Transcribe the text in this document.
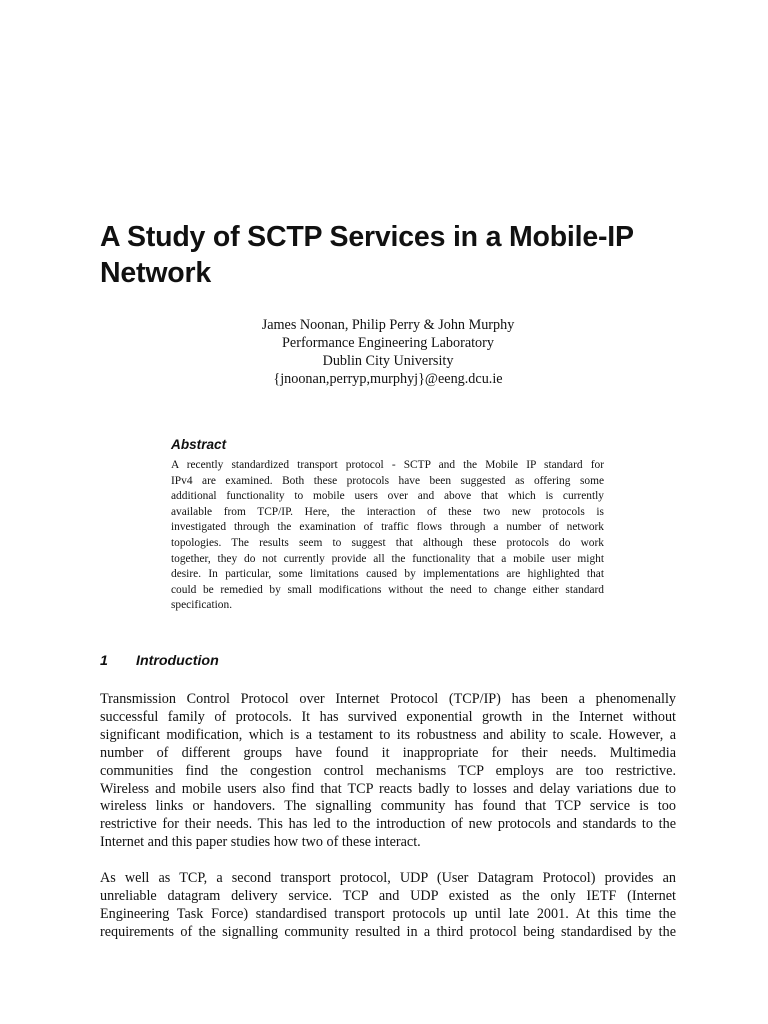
A Study of SCTP Services in a Mobile-IP
Network
James Noonan, Philip Perry & John Murphy
Performance Engineering Laboratory
Dublin City University
{jnoonan,perryp,murphyj}@eeng.dcu.ie
Abstract

A recently standardized transport protocol - SCTP and the Mobile IP standard for
IPv4 are examined. Both these protocols have been suggested as offering some
additional functionality to mobile users over and above that which is currently
available from TCP/IP. Here, the interaction of these two new protocols is
investigated through the examination of traffic flows through a number of network
topologies. The results seem to suggest that although these protocols do work
together, they do not currently provide all the functionality that a mobile user might
desire. In particular, some limitations caused by implementations are highlighted that
could be remedied by small modifications without the need to change either standard
specification.

1 Introduction

Transmission Control Protocol over Internet Protocol (TCP/IP) has been a phenomenally
successful family of protocols. It has survived exponential growth in the Internet without
significant modification, which is a testament to its robustness and ability to scale. However, a
number of different groups have found it inappropriate for their needs. Multimedia
communities find the congestion control mechanisms TCP employs are too restrictive.
Wireless and mobile users also find that TCP reacts badly to losses and delay variations due to
wireless links or handovers. The signalling community has found that TCP service is too
restrictive for their needs. This has led to the introduction of new protocols and standards to the
Internet and this paper studies how two of these interact.

As well as TCP, a second transport protocol, UDP (User Datagram Protocol) provides an
unreliable datagram delivery service. TCP and UDP existed as the only IETF (Internet
Engineering Task Force) standardised transport protocols up until late 2001. At this time the
requirements of the signalling community resulted in a third protocol being standardised by the
